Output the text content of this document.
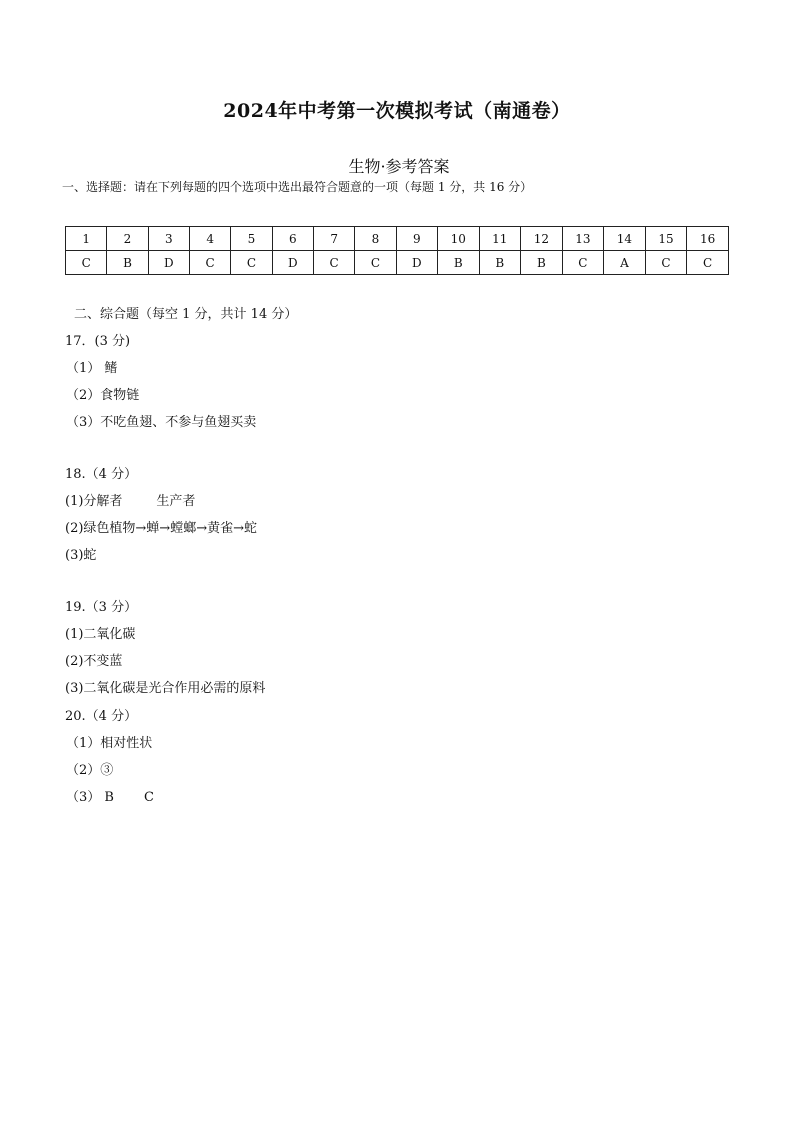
2024年中考第一次模拟考试（南通卷）
生物·参考答案
一、选择题：请在下列每题的四个选项中选出最符合题意的一项（每题 1 分，共 16 分）
1	2	3	4	5	6	7	8	9	10	11	12	13	14	15	16
C	B	D	C	C	D	C	C	D	B	B	B	C	A	C	C
二、综合题（每空 1 分，共计 14 分）
17．(3 分)
（1） 鳍
（2）食物链
（3）不吃鱼翅、不参与鱼翅买卖
18.（4 分）
(1)分解者	生产者
(2)绿色植物→蝉→螳螂→黄雀→蛇
(3)蛇
19.（3 分）
(1)二氧化碳
(2)不变蓝
(3)二氧化碳是光合作用必需的原料
20.（4 分）
（1）相对性状
（2）③
（3） B C
